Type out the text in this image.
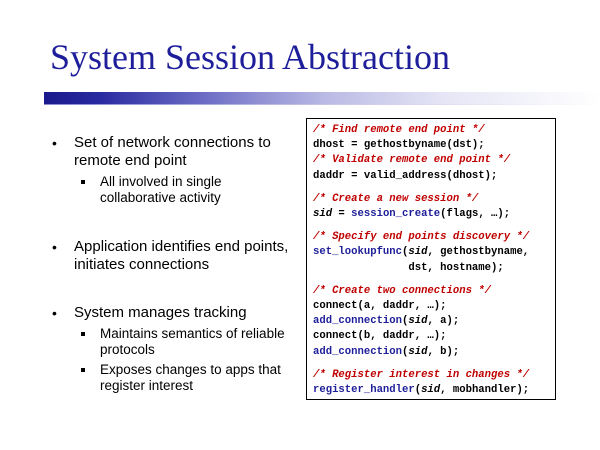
System Session Abstraction
• Set of network connections to remote end point
All involved in single collaborative activity
• Application identifies end points, initiates connections
• System manages tracking
Maintains semantics of reliable protocols
Exposes changes to apps that register interest
/* Find remote end point */
dhost = gethostbyname(dst);
/* Validate remote end point */
daddr = valid_address(dhost);
/* Create a new session */
sid = session_create(flags, …);
/* Specify end points discovery */
set_lookupfunc(sid, gethostbyname,
dst, hostname);
/* Create two connections */
connect(a, daddr, …);
add_connection(sid, a);
connect(b, daddr, …);
add_connection(sid, b);
/* Register interest in changes */
register_handler(sid, mobhandler);
